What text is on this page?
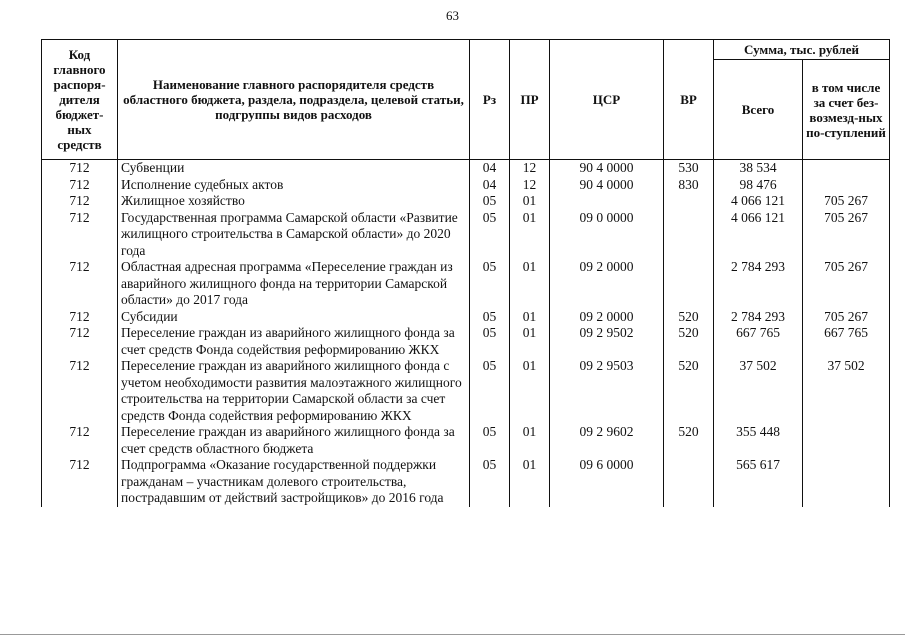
63
Код главного распоря-дителя бюджет-ных средств	Наименование главного распорядителя средств областного бюджета, раздела, подраздела, целевой статьи, подгруппы видов расходов	Рз	ПР	ЦСР	ВР	Сумма, тыс. рублей	
						Всего	в том числе за счет без-возмезд-ных по-ступлений
712	Субвенции	04	12	90 4 0000	530	38 534	
712	Исполнение судебных актов	04	12	90 4 0000	830	98 476	
712	Жилищное хозяйство	05	01			4 066 121	705 267
712	Государственная программа Самарской области «Развитие жилищного строительства в Самарской области» до 2020 года	05	01	09 0 0000		4 066 121	705 267
712	Областная адресная программа «Переселение граждан из аварийного жилищного фонда на территории Самарской области» до 2017 года	05	01	09 2 0000		2 784 293	705 267
712	Субсидии	05	01	09 2 0000	520	2 784 293	705 267
712	Переселение граждан из аварийного жилищного фонда за счет средств Фонда содействия реформированию ЖКХ	05	01	09 2 9502	520	667 765	667 765
712	Переселение граждан из аварийного жилищного фонда с учетом необходимости развития малоэтажного жилищного строительства на территории Самарской области за счет средств Фонда содействия реформированию ЖКХ	05	01	09 2 9503	520	37 502	37 502
712	Переселение граждан из аварийного жилищного фонда за счет средств областного бюджета	05	01	09 2 9602	520	355 448	
712	Подпрограмма «Оказание государственной поддержки гражданам – участникам долевого строительства, пострадавшим от действий застройщиков» до 2016 года	05	01	09 6 0000		565 617	
